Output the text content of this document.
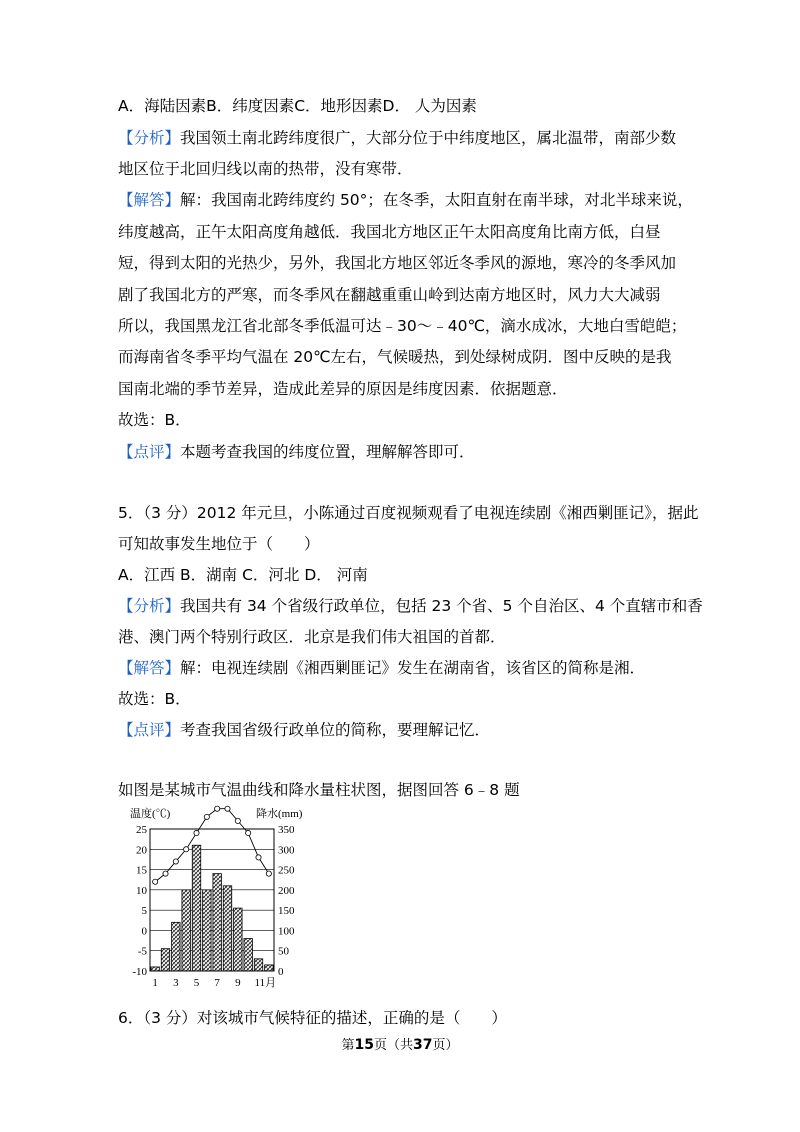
A．海陆因素B．纬度因素C．地形因素D． 人为因素
【分析】我国领土南北跨纬度很广，大部分位于中纬度地区，属北温带，南部少数
地区位于北回归线以南的热带，没有寒带．
【解答】解：我国南北跨纬度约 50°；在冬季，太阳直射在南半球，对北半球来说，
纬度越高，正午太阳高度角越低．我国北方地区正午太阳高度角比南方低，白昼
短，得到太阳的光热少，另外，我国北方地区邻近冬季风的源地，寒冷的冬季风加
剧了我国北方的严寒，而冬季风在翻越重重山岭到达南方地区时，风力大大减弱
所以，我国黑龙江省北部冬季低温可达﹣30～﹣40℃，滴水成冰，大地白雪皑皑；
而海南省冬季平均气温在 20℃左右，气候暖热，到处绿树成阴．图中反映的是我
国南北端的季节差异，造成此差异的原因是纬度因素．依据题意．
故选：B．
【点评】本题考查我国的纬度位置，理解解答即可．
5．（3 分）2012 年元旦，小陈通过百度视频观看了电视连续剧《湘西剿匪记》，据此
可知故事发生地位于（　　）
A．江西 B．湖南 C．河北 D． 河南
【分析】我国共有 34 个省级行政单位，包括 23 个省、5 个自治区、4 个直辖市和香
港、澳门两个特别行政区．北京是我们伟大祖国的首都．
【解答】解：电视连续剧《湘西剿匪记》发生在湖南省，该省区的简称是湘．
故选：B．
【点评】考查我国省级行政单位的简称，要理解记忆．
如图是某城市气温曲线和降水量柱状图，据图回答 6﹣8 题
温度(℃)	降水(mm)
25
20
15
10
5
0
-5
-10
350
300
250
200
150
100
50
0
1 3 5 7 9 11月
6．（3 分）对该城市气候特征的描述，正确的是（　　）
第15页（共37页）
